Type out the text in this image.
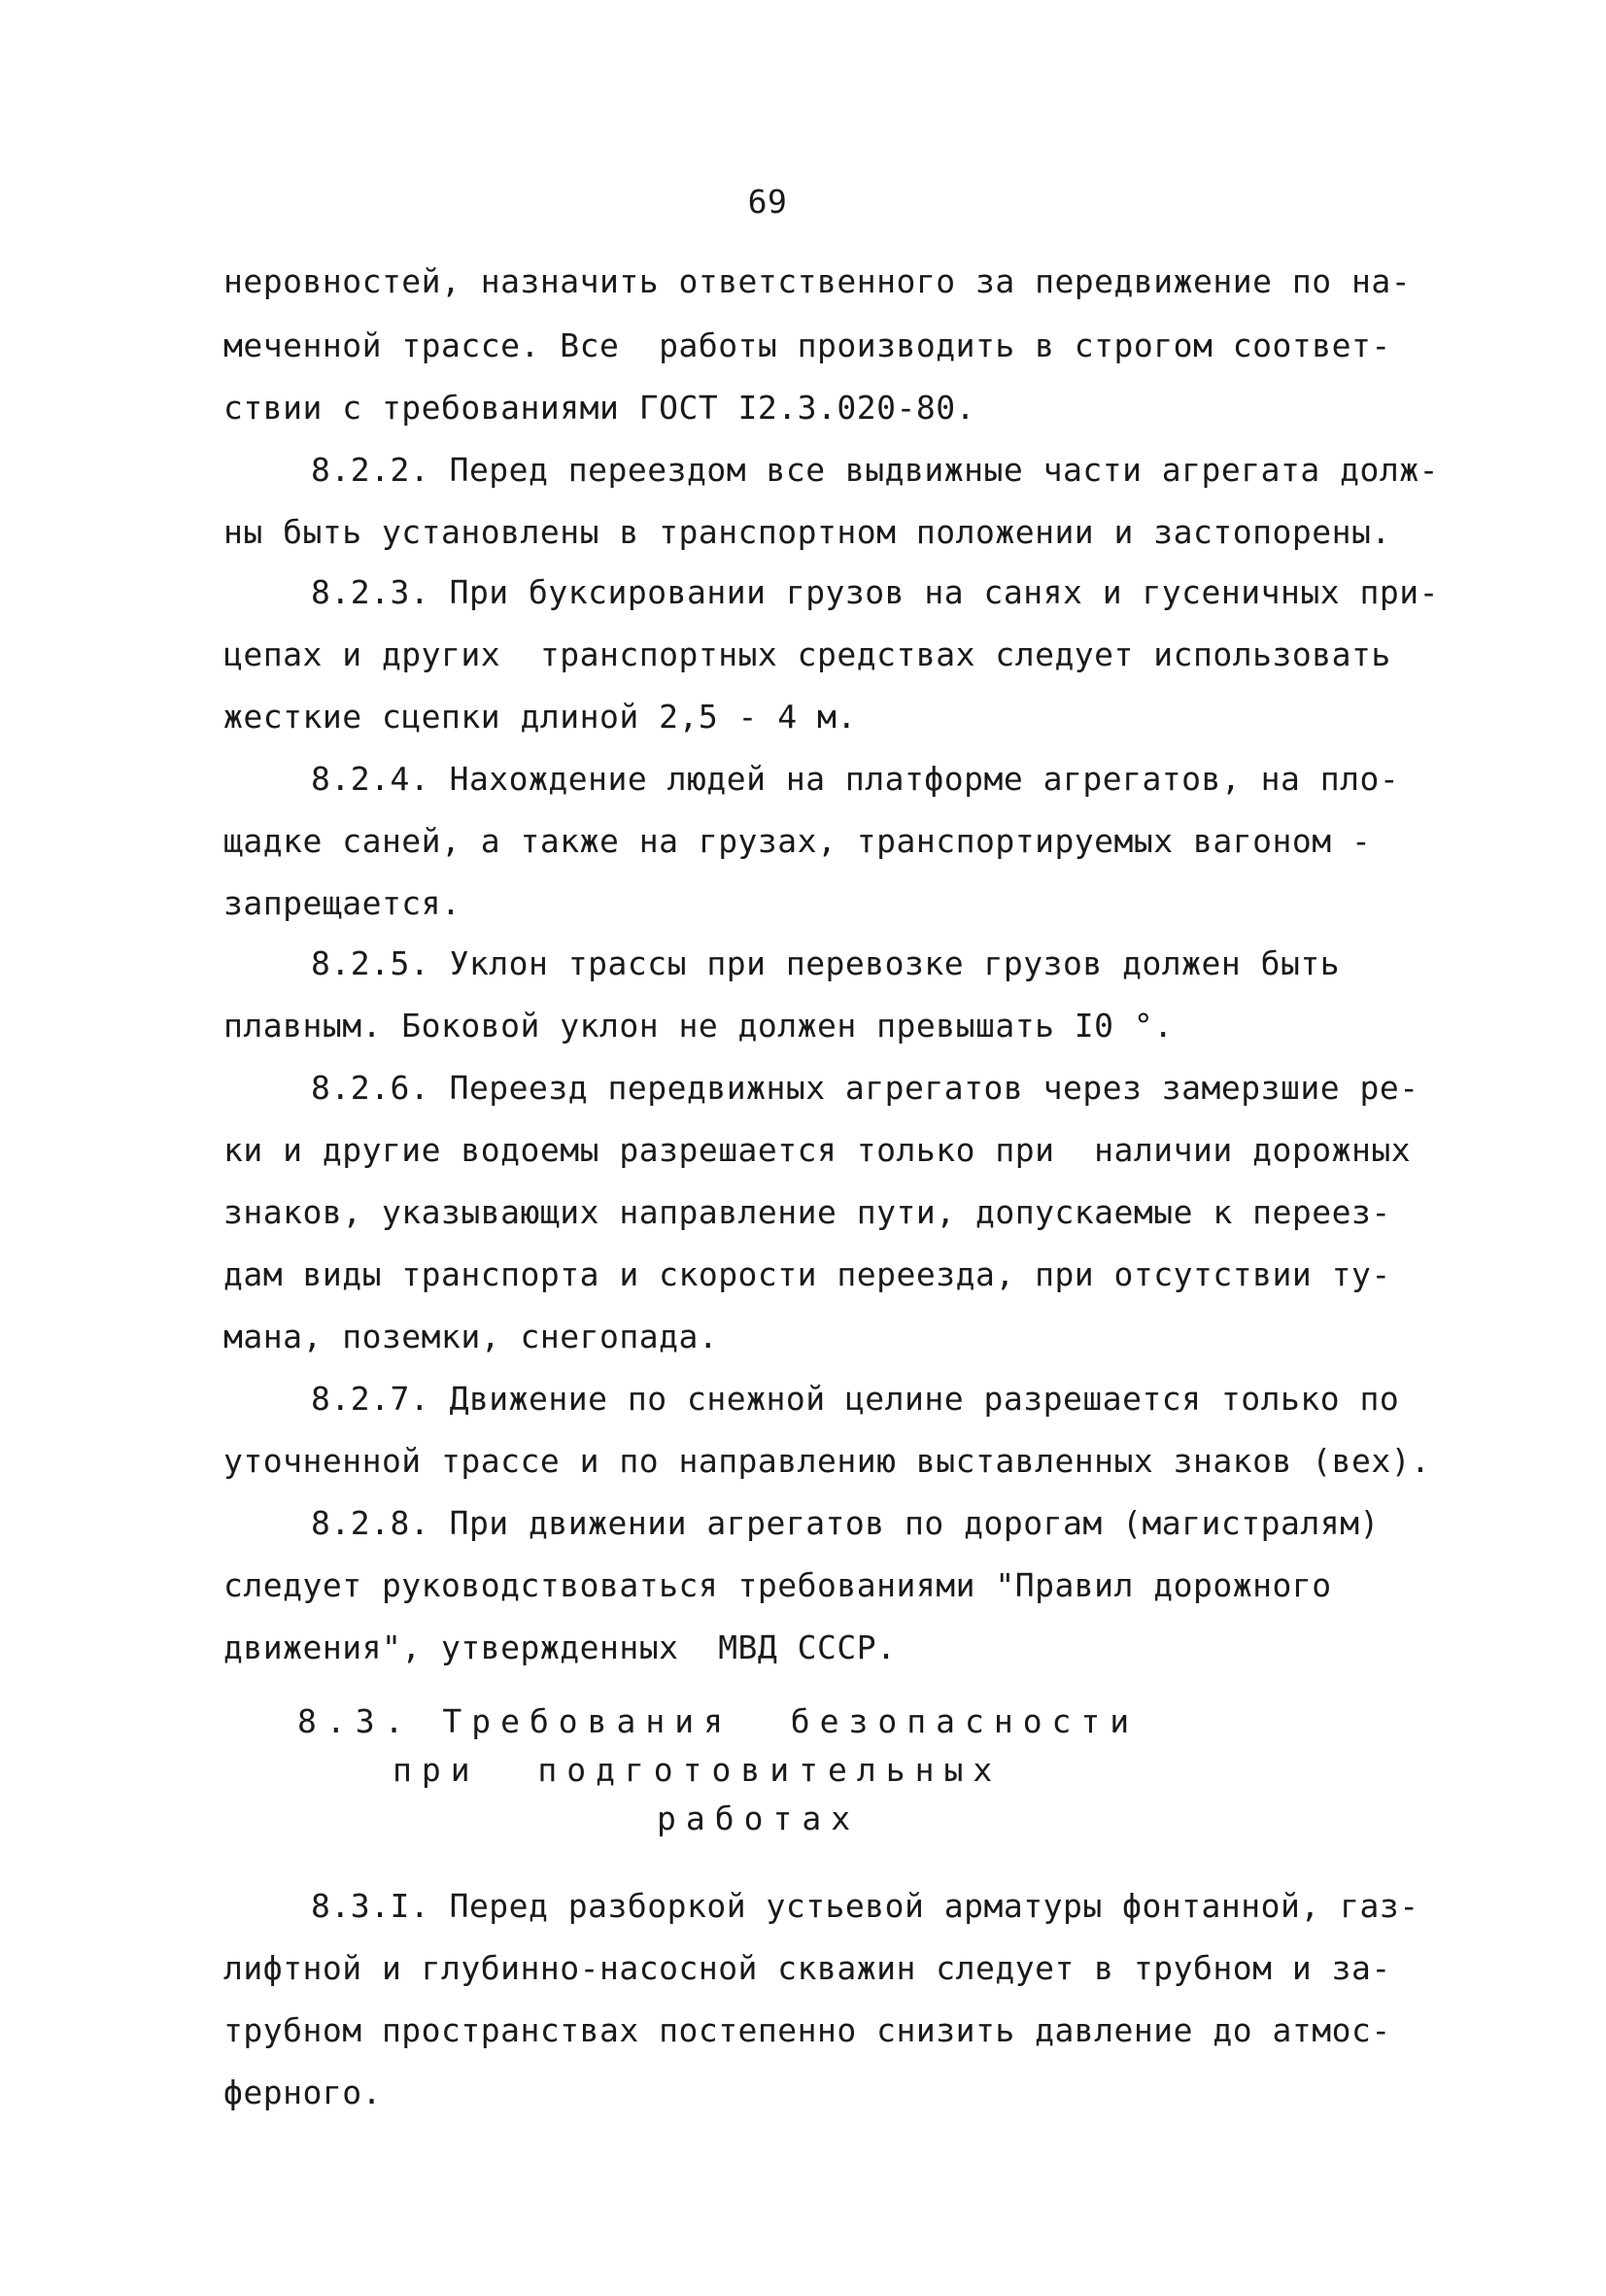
69
неровностей, назначить ответственного за передвижение по на-
меченной трассе. Все  работы производить в строгом соответ-
ствии с требованиями ГОСТ I2.3.020-80.
8.2.2. Перед переездом все выдвижные части агрегата долж-
ны быть установлены в транспортном положении и застопорены.
8.2.3. При буксировании грузов на санях и гусеничных при-
цепах и других  транспортных средствах следует использовать
жесткие сцепки длиной 2,5 - 4 м.
8.2.4. Нахождение людей на платформе агрегатов, на пло-
щадке саней, а также на грузах, транспортируемых вагоном -
запрещается.
8.2.5. Уклон трассы при перевозке грузов должен быть
плавным. Боковой уклон не должен превышать I0 °.
8.2.6. Переезд передвижных агрегатов через замерзшие ре-
ки и другие водоемы разрешается только при  наличии дорожных
знаков, указывающих направление пути, допускаемые к переез-
дам виды транспорта и скорости переезда, при отсутствии ту-
мана, поземки, снегопада.
8.2.7. Движение по снежной целине разрешается только по
уточненной трассе и по направлению выставленных знаков (вех).
8.2.8. При движении агрегатов по дорогам (магистралям)
следует руководствоваться требованиями "Правил дорожного
движения", утвержденных  МВД СССР.
8.3. Требования  безопасности
при  подготовительных
работах
8.3.I. Перед разборкой устьевой арматуры фонтанной, газ-
лифтной и глубинно-насосной скважин следует в трубном и за-
трубном пространствах постепенно снизить давление до атмос-
ферного.
